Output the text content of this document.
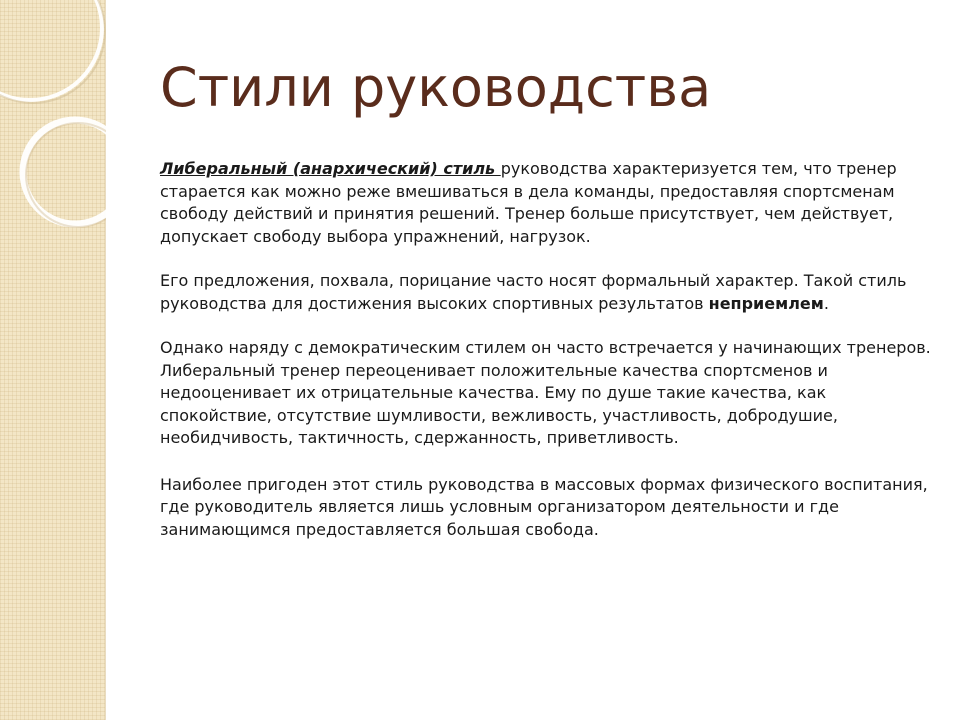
Стили руководства

Либеральный (анархический) стиль руководства характеризуется тем, что тренер старается как можно реже вмешиваться в дела команды, предоставляя спортсменам свободу действий и принятия решений. Тренер больше присутствует, чем действует, допускает свободу выбора упражнений, нагрузок.

Его предложения, похвала, порицание часто носят формальный характер. Такой стиль руководства для достижения высоких спортивных результатов неприемлем.

Однако наряду с демократическим стилем он часто встречается у начинающих тренеров. Либеральный тренер переоценивает положительные качества спортсменов и недооценивает их отрицательные качества. Ему по душе такие качества, как спокойствие, отсутствие шумливости, вежливость, участливость, добродушие, необидчивость, тактичность, сдержанность, приветливость.

Наиболее пригоден этот стиль руководства в массовых формах физического воспитания, где руководитель является лишь условным организатором деятельности и где занимающимся предоставляется большая свобода.
